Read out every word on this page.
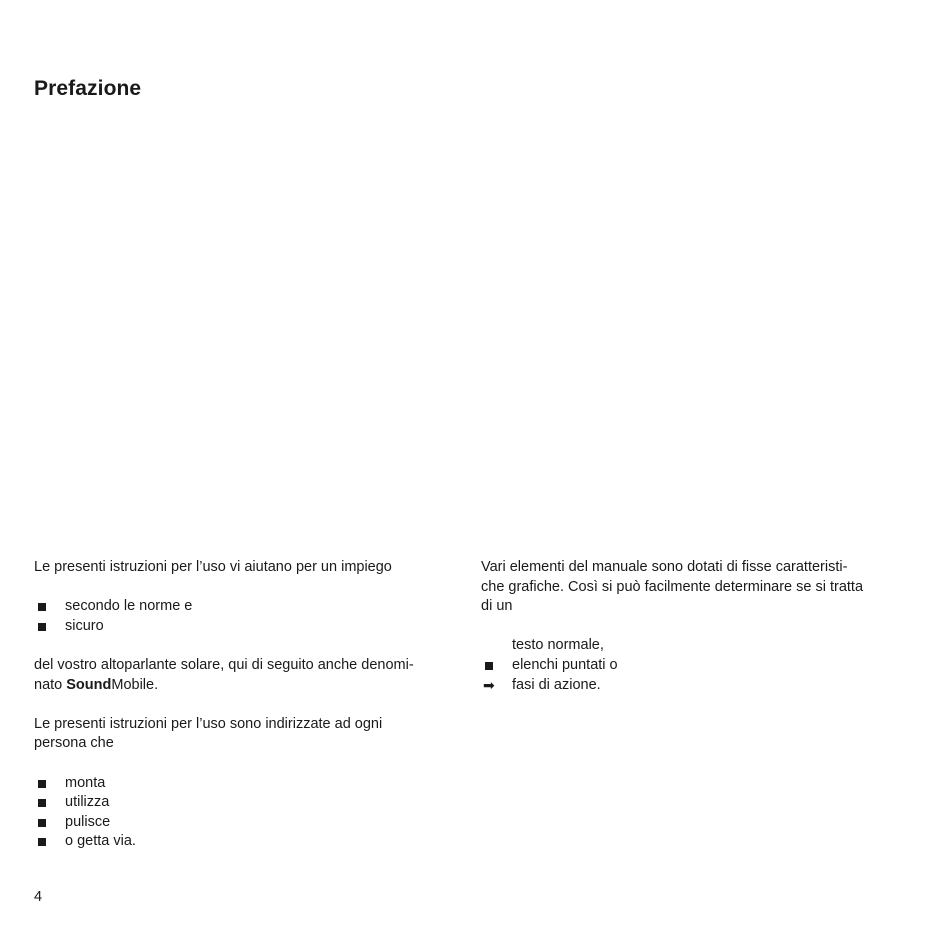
Prefazione

Le presenti istruzioni per l’uso vi aiutano per un impiego

secondo le norme e
sicuro

del vostro altoparlante solare, qui di seguito anche denomi-
nato SoundMobile.

Le presenti istruzioni per l’uso sono indirizzate ad ogni
persona che

monta
utilizza
pulisce
o getta via.

Vari elementi del manuale sono dotati di fisse caratteristi-
che grafiche. Così si può facilmente determinare se si tratta
di un

testo normale,
elenchi puntati o
➡ fasi di azione.
4
